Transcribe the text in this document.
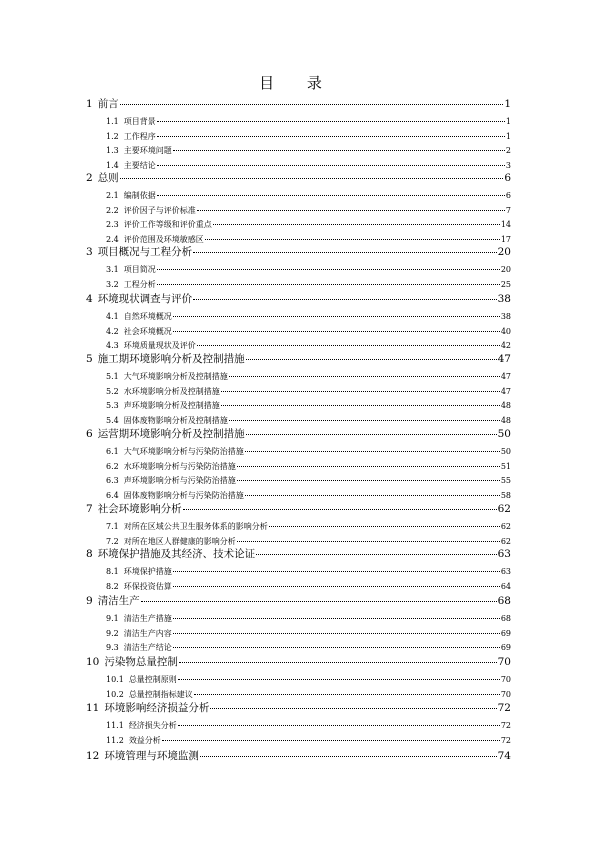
目 录
1 前言	1
1.1 项目背景	1
1.2 工作程序	1
1.3 主要环境问题	2
1.4 主要结论	3
2 总则	6
2.1 编制依据	6
2.2 评价因子与评价标准	7
2.3 评价工作等级和评价重点	14
2.4 评价范围及环境敏感区	17
3 项目概况与工程分析	20
3.1 项目简况	20
3.2 工程分析	25
4 环境现状调查与评价	38
4.1 自然环境概况	38
4.2 社会环境概况	40
4.3 环境质量现状及评价	42
5 施工期环境影响分析及控制措施	47
5.1 大气环境影响分析及控制措施	47
5.2 水环境影响分析及控制措施	47
5.3 声环境影响分析及控制措施	48
5.4 固体废物影响分析及控制措施	48
6 运营期环境影响分析及控制措施	50
6.1 大气环境影响分析与污染防治措施	50
6.2 水环境影响分析与污染防治措施	51
6.3 声环境影响分析与污染防治措施	55
6.4 固体废物影响分析与污染防治措施	58
7 社会环境影响分析	62
7.1 对所在区域公共卫生服务体系的影响分析	62
7.2 对所在地区人群健康的影响分析	62
8 环境保护措施及其经济、技术论证	63
8.1 环境保护措施	63
8.2 环保投资估算	64
9 清洁生产	68
9.1 清洁生产措施	68
9.2 清洁生产内容	69
9.3 清洁生产结论	69
10 污染物总量控制	70
10.1 总量控制原则	70
10.2 总量控制指标建议	70
11 环境影响经济损益分析	72
11.1 经济损失分析	72
11.2 效益分析	72
12 环境管理与环境监测	74
